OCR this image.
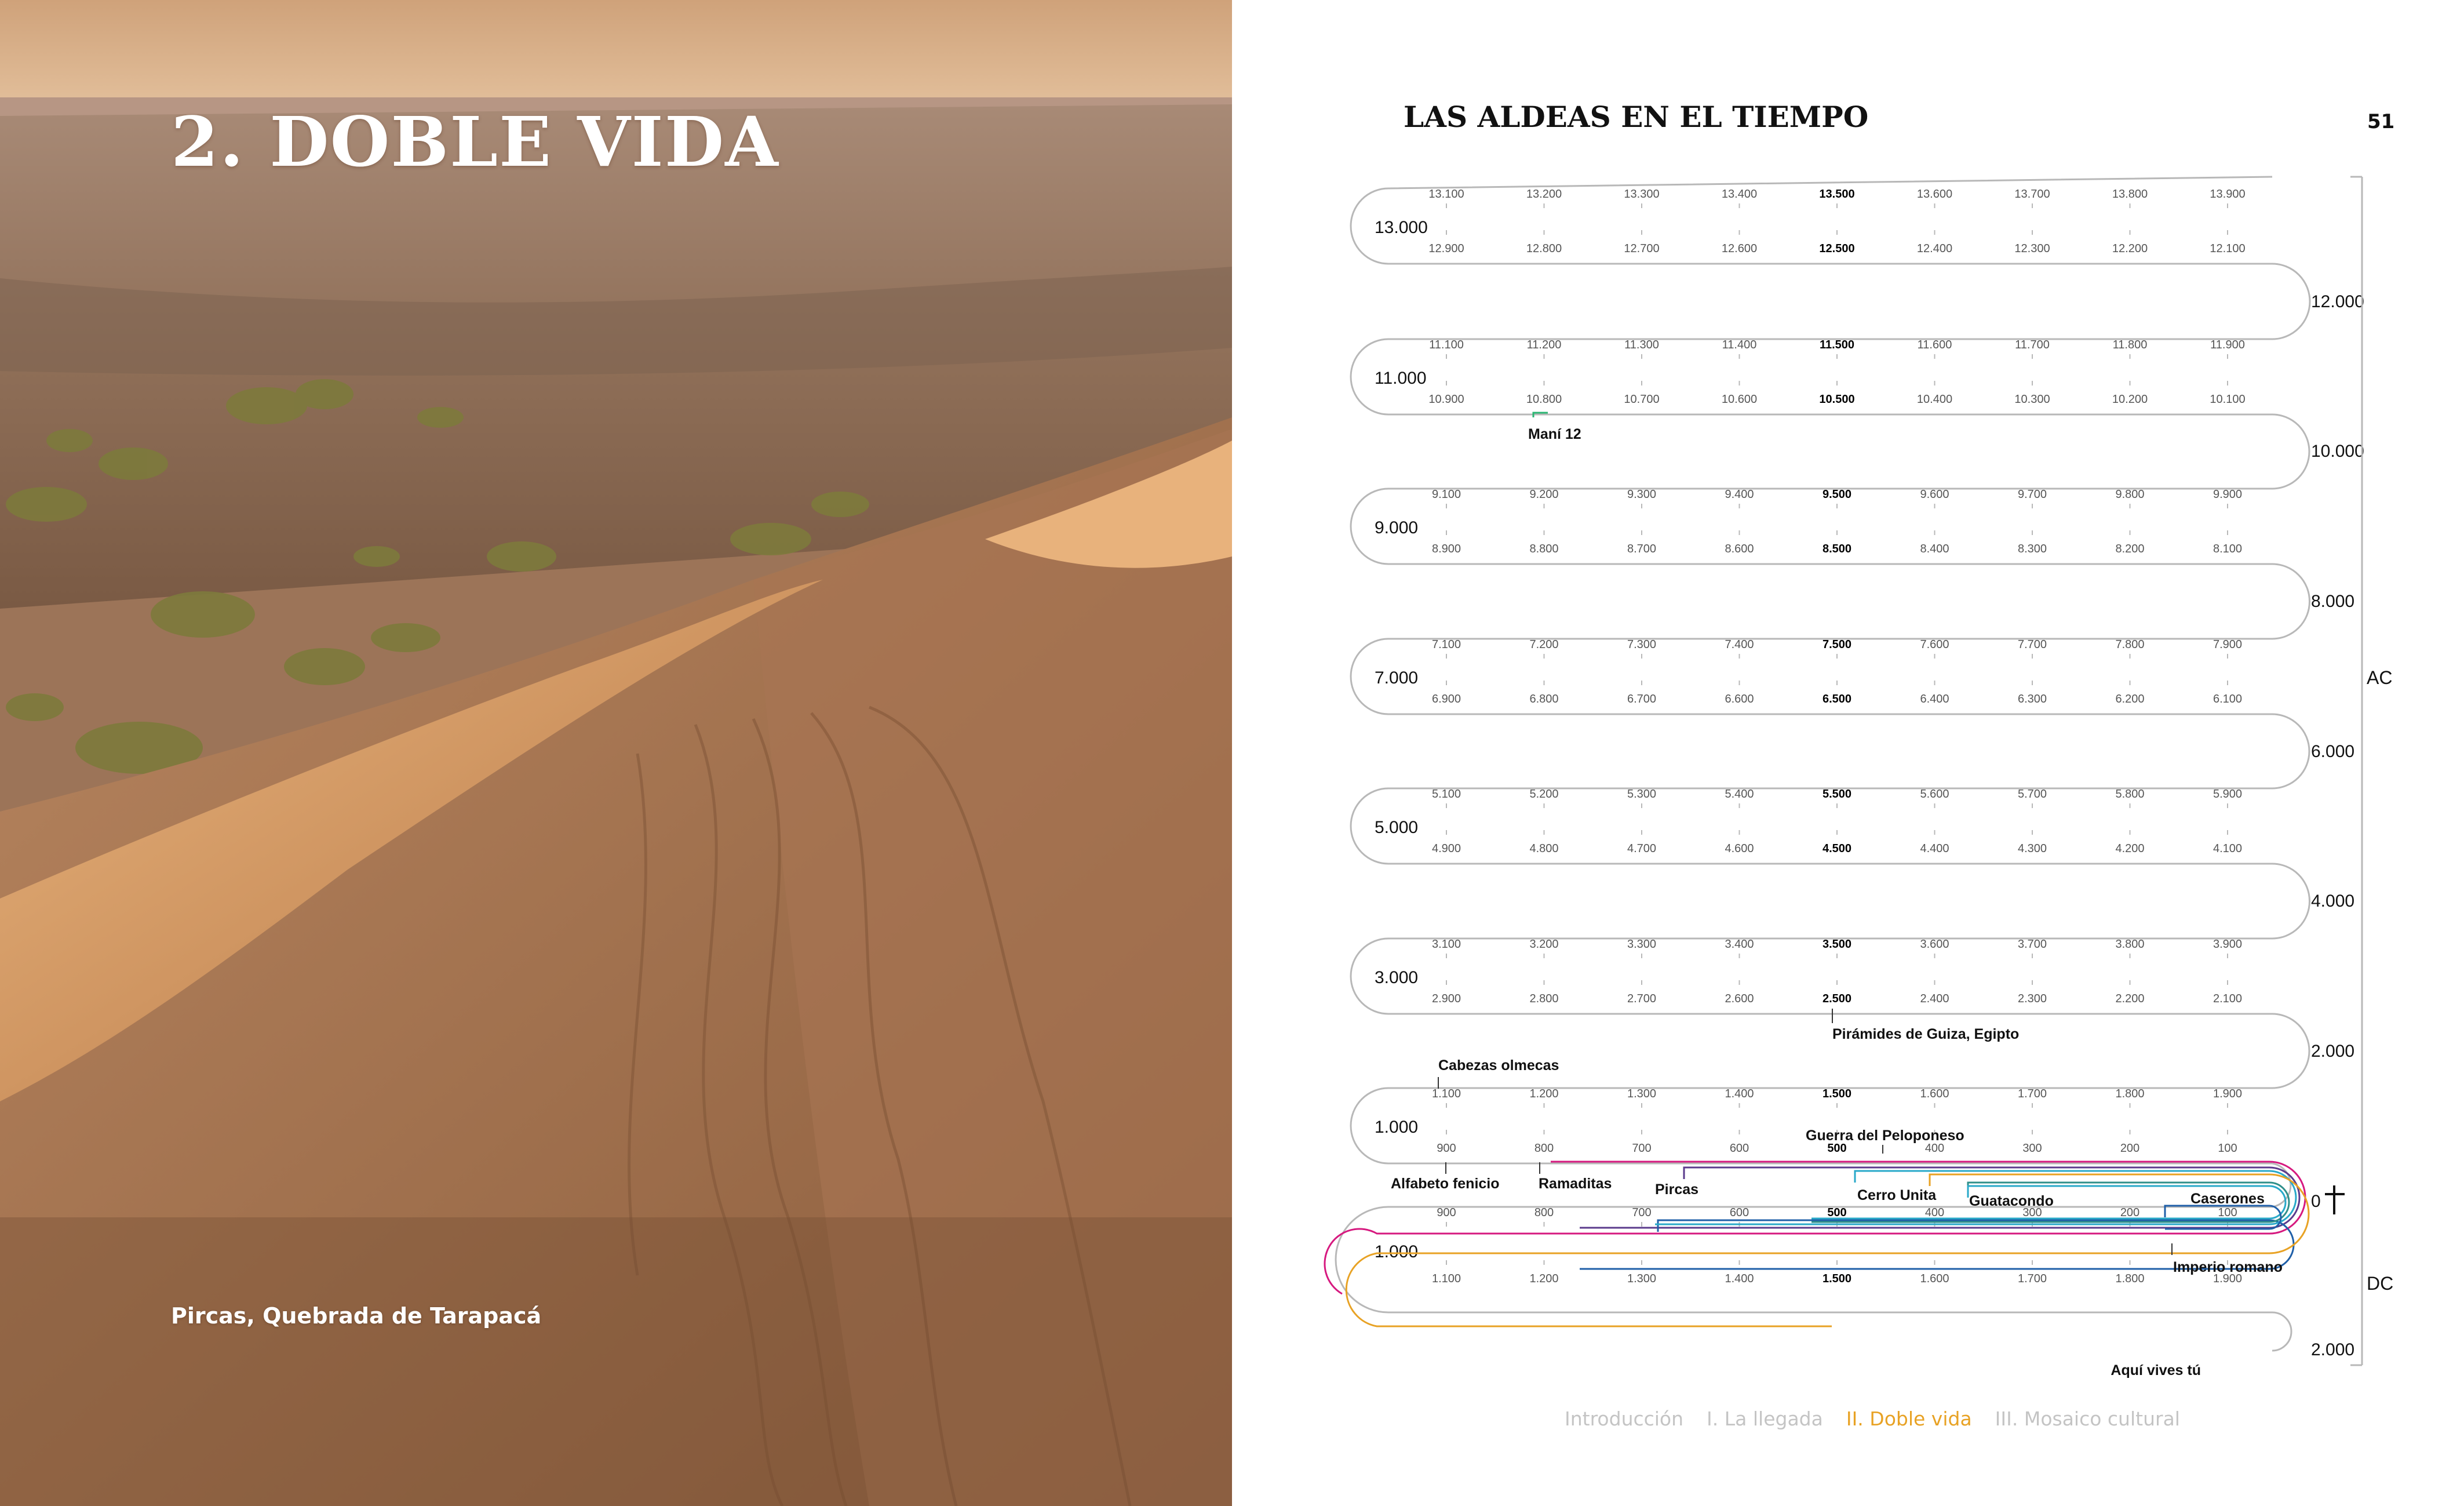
2. DOBLE VIDA
Pircas, Quebrada de Tarapacá
LAS ALDEAS EN EL TIEMPO	51
13.000
13.100	13.200	13.300	13.400	13.500	13.600	13.700	13.800	13.900
12.900	12.800	12.700	12.600	12.500	12.400	12.300	12.200	12.100
11.000
11.100	11.200	11.300	11.400	11.500	11.600	11.700	11.800	11.900
10.900	10.800	10.700	10.600	10.500	10.400	10.300	10.200	10.100
9.000
9.100	9.200	9.300	9.400	9.500	9.600	9.700	9.800	9.900
8.900	8.800	8.700	8.600	8.500	8.400	8.300	8.200	8.100
7.000
7.100	7.200	7.300	7.400	7.500	7.600	7.700	7.800	7.900
6.900	6.800	6.700	6.600	6.500	6.400	6.300	6.200	6.100
5.000
5.100	5.200	5.300	5.400	5.500	5.600	5.700	5.800	5.900
4.900	4.800	4.700	4.600	4.500	4.400	4.300	4.200	4.100
3.000
3.100	3.200	3.300	3.400	3.500	3.600	3.700	3.800	3.900
2.900	2.800	2.700	2.600	2.500	2.400	2.300	2.200	2.100
1.000
1.100	1.200	1.300	1.400	1.500	1.600	1.700	1.800	1.900
900	800	700	600	500	400	300	200	100
1.000
900	800	700	600	500	400	300	200	100
1.100	1.200	1.300	1.400	1.500	1.600	1.700	1.800	1.900
12.000
10.000
8.000
6.000
4.000
2.000
0
2.000
AC
DC
Maní 12
Pirámides de Guiza, Egipto
Cabezas olmecas
Guerra del Peloponeso
Alfabeto fenicio	Ramaditas	Pircas	Cerro Unita Guatacondo	Caserones
Imperio romano
Aquí vives tú
Introducción I. La llegada II. Doble vida III. Mosaico cultural
